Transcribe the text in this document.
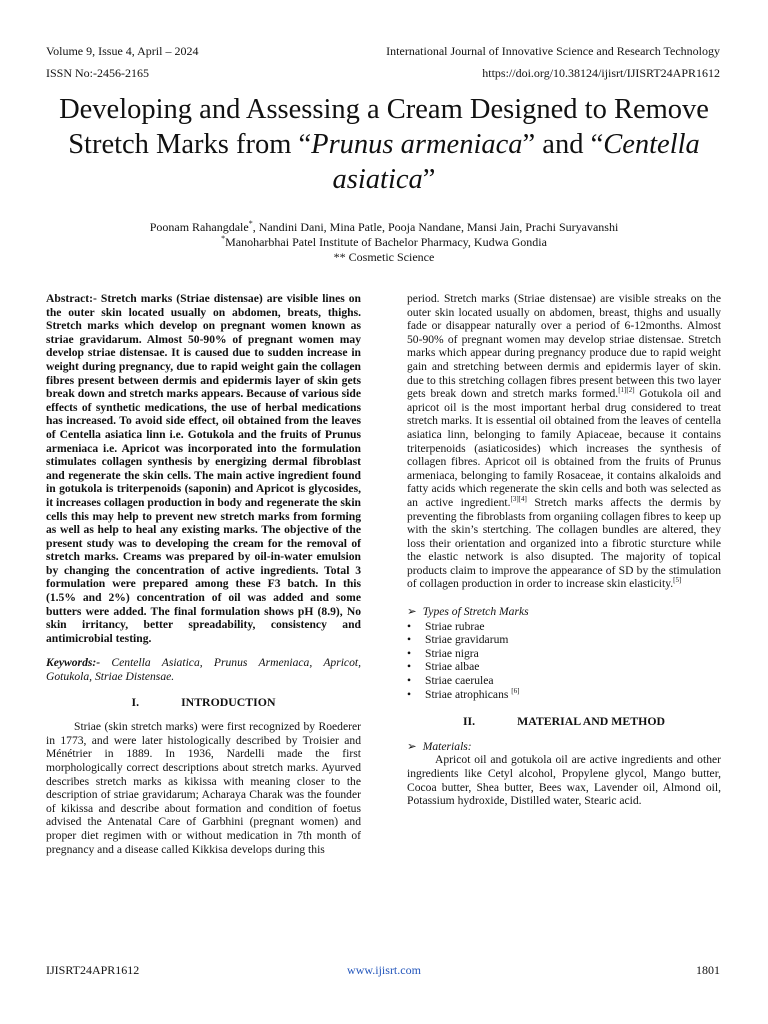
Volume 9, Issue 4, April – 2024
ISSN No:-2456-2165
International Journal of Innovative Science and Research Technology
https://doi.org/10.38124/ijisrt/IJISRT24APR1612
Developing and Assessing a Cream Designed to Remove Stretch Marks from “Prunus armeniaca” and “Centella asiatica”
Poonam Rahangdale*, Nandini Dani, Mina Patle, Pooja Nandane, Mansi Jain, Prachi Suryavanshi
*Manoharbhai Patel Institute of Bachelor Pharmacy, Kudwa Gondia
** Cosmetic Science

Abstract:- Stretch marks (Striae distensae) are visible lines on the outer skin located usually on abdomen, breats, thighs. Stretch marks which develop on pregnant women known as striae gravidarum. Almost 50-90% of pregnant women may develop striae distensae. It is caused due to sudden increase in weight during pregnancy, due to rapid weight gain the collagen fibres present between dermis and epidermis layer of skin gets break down and stretch marks appears. Because of various side effects of synthetic medications, the use of herbal medications has increased. To avoid side effect, oil obtained from the leaves of Centella asiatica linn i.e. Gotukola and the fruits of Prunus armeniaca i.e. Apricot was incorporated into the formulation stimulates collagen synthesis by energizing dermal fibroblast and regenerate the skin cells. The main active ingredient found in gotukola is triterpenoids (saponin) and Apricot is glycosides, it increases collagen production in body and regenerate the skin cells this may help to prevent new stretch marks from forming as well as help to heal any existing marks. The objective of the present study was to developing the cream for the removal of stretch marks. Creams was prepared by oil-in-water emulsion by changing the concentration of active ingredients. Total 3 formulation were prepared among these F3 batch. In this (1.5% and 2%) concentration of oil was added and some butters were added. The final formulation shows pH (8.9), No skin irritancy, better spreadability, consistency and antimicrobial testing.

Keywords:- Centella Asiatica, Prunus Armeniaca, Apricot, Gotukola, Striae Distensae.

I.	INTRODUCTION

Striae (skin stretch marks) were first recognized by Roederer in 1773, and were later histologically described by Troisier and Ménétrier in 1889. In 1936, Nardelli made the first morphologically correct descriptions about stretch marks. Ayurved describes stretch marks as kikissa with meaning closer to the description of striae gravidarum; Acharaya Charak was the founder of kikissa and describe about formation and condition of foetus advised the Antenatal Care of Garbhini (pregnant women) and proper diet regimen with or without medication in 7th month of pregnancy and a disease called Kikkisa develops during this

period. Stretch marks (Striae distensae) are visible streaks on the outer skin located usually on abdomen, breast, thighs and usually fade or disappear naturally over a period of 6-12months. Almost 50-90% of pregnant women may develop striae distensae. Stretch marks which appear during pregnancy produce due to rapid weight gain and stretching between dermis and epidermis layer of skin. due to this stretching collagen fibres present between this two layer gets break down and stretch marks formed.[1][2] Gotukola oil and apricot oil is the most important herbal drug considered to treat stretch marks. It is essential oil obtained from the leaves of centella asiatica linn, belonging to family Apiaceae, because it contains triterpenoids (asiaticosides) which increases the synthesis of collagen fibres. Apricot oil is obtained from the fruits of Prunus armeniaca, belonging to family Rosaceae, it contains alkaloids and fatty acids which regenerate the skin cells and both was selected as an active ingredient.[3][4] Stretch marks affects the dermis by preventing the fibroblasts from organiing collagen fibres to keep up with the skin’s stertching. The collagen bundles are altered, they loss their orientation and organized into a fibrotic sturcture while the elastic network is also disupted. The majority of topical products claim to improve the appearance of SD by the stimulation of collagen production in order to increase skin elasticity.[5]

➢ Types of Stretch Marks

• Striae rubrae
• Striae gravidarum
• Striae nigra
• Striae albae
• Striae caerulea
• Striae atrophicans [6]
II.	MATERIAL AND METHOD

➢ Materials:

Apricot oil and gotukola oil are active ingredients and other ingredients like Cetyl alcohol, Propylene glycol, Mango butter, Cocoa butter, Shea butter, Bees wax, Lavender oil, Almond oil, Potassium hydroxide, Distilled water, Stearic acid.

IJISRT24APR1612	www.ijisrt.com	1801
